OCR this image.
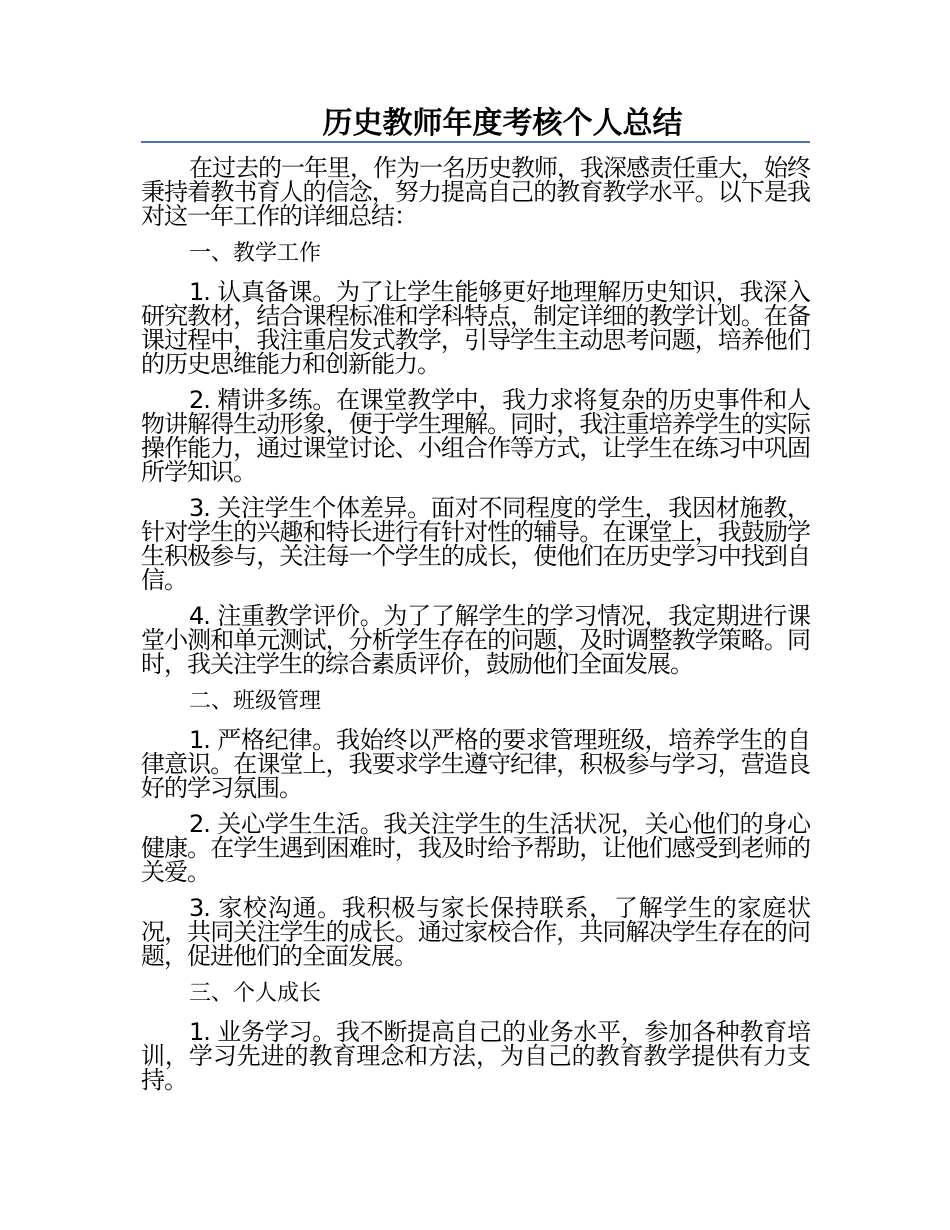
历史教师年度考核个人总结

在过去的一年里，作为一名历史教师，我深感责任重大，始终秉持着教书育人的信念，努力提高自己的教育教学水平。以下是我对这一年工作的详细总结：

一、教学工作

1. 认真备课。为了让学生能够更好地理解历史知识，我深入研究教材，结合课程标准和学科特点，制定详细的教学计划。在备课过程中，我注重启发式教学，引导学生主动思考问题，培养他们的历史思维能力和创新能力。

2. 精讲多练。在课堂教学中，我力求将复杂的历史事件和人物讲解得生动形象，便于学生理解。同时，我注重培养学生的实际操作能力，通过课堂讨论、小组合作等方式，让学生在练习中巩固所学知识。

3. 关注学生个体差异。面对不同程度的学生，我因材施教，针对学生的兴趣和特长进行有针对性的辅导。在课堂上，我鼓励学生积极参与，关注每一个学生的成长，使他们在历史学习中找到自信。

4. 注重教学评价。为了了解学生的学习情况，我定期进行课堂小测和单元测试，分析学生存在的问题，及时调整教学策略。同时，我关注学生的综合素质评价，鼓励他们全面发展。

二、班级管理

1. 严格纪律。我始终以严格的要求管理班级，培养学生的自律意识。在课堂上，我要求学生遵守纪律，积极参与学习，营造良好的学习氛围。

2. 关心学生生活。我关注学生的生活状况，关心他们的身心健康。在学生遇到困难时，我及时给予帮助，让他们感受到老师的关爱。

3. 家校沟通。我积极与家长保持联系，了解学生的家庭状况，共同关注学生的成长。通过家校合作，共同解决学生存在的问题，促进他们的全面发展。

三、个人成长

1. 业务学习。我不断提高自己的业务水平，参加各种教育培训，学习先进的教育理念和方法，为自己的教育教学提供有力支持。
